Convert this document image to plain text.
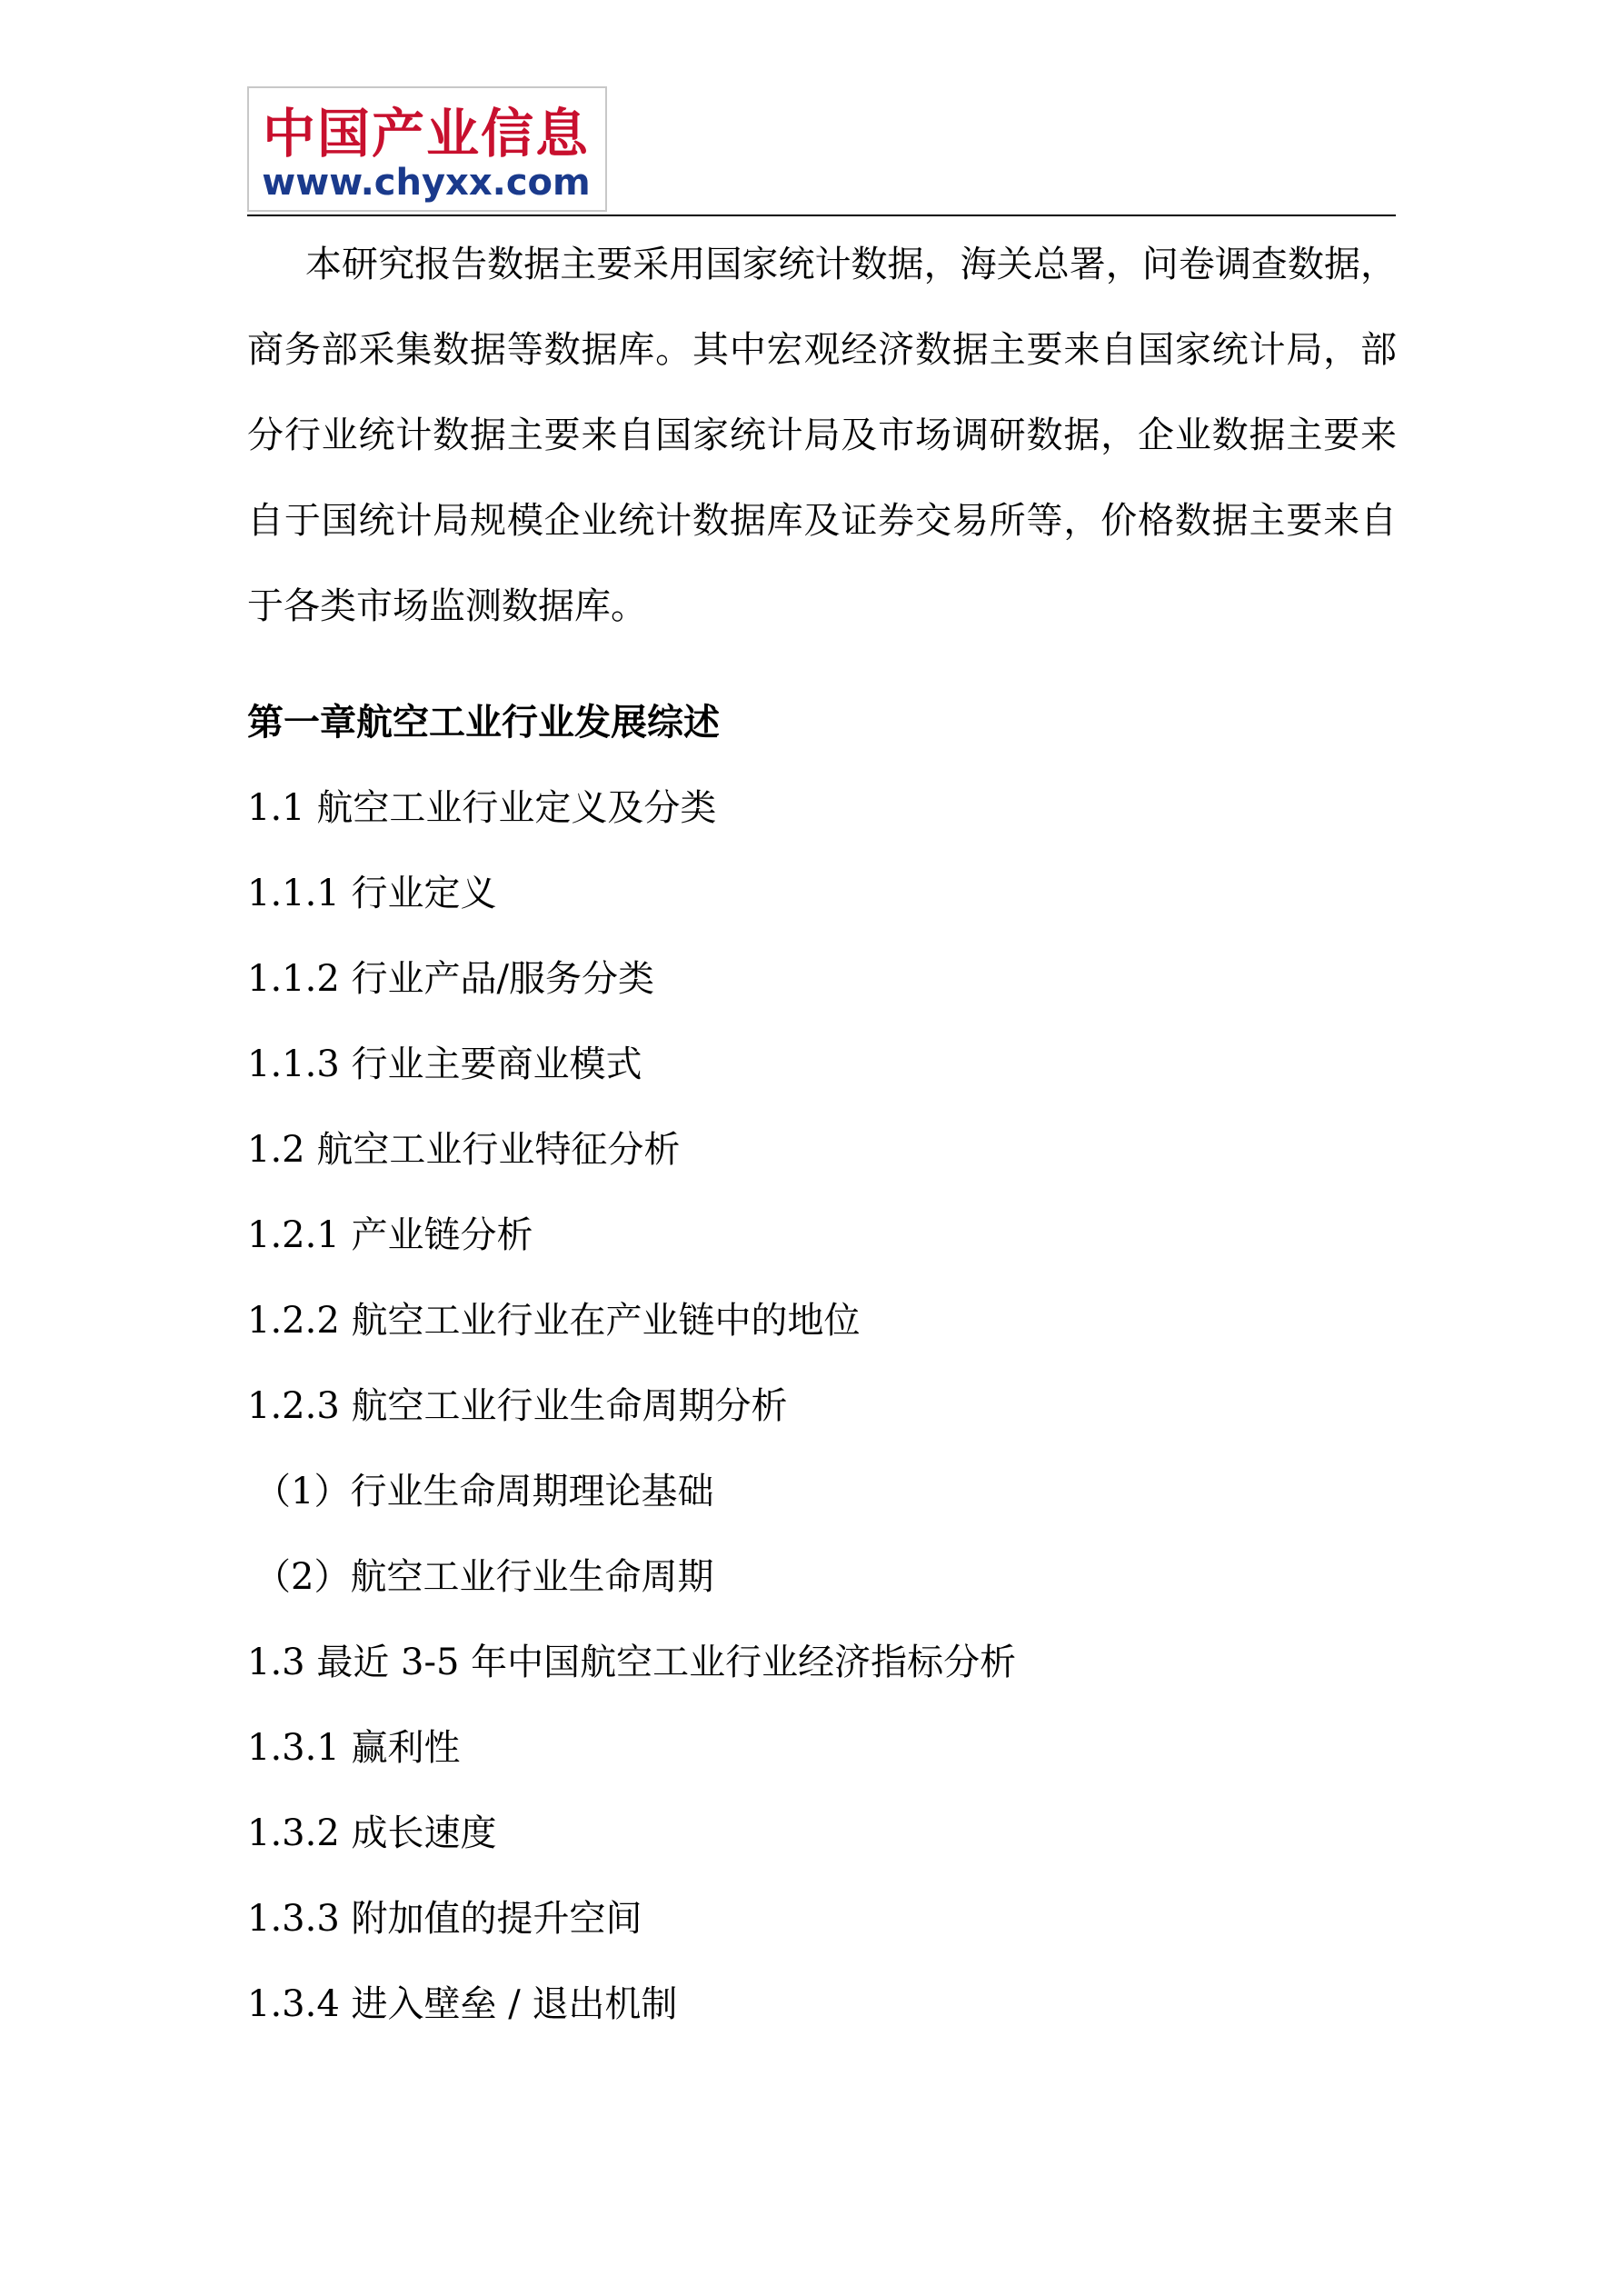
中国产业信息
www.chyxx.com

本研究报告数据主要采用国家统计数据，海关总署，问卷调查数据，商务部采集数据等数据库。其中宏观经济数据主要来自国家统计局，部分行业统计数据主要来自国家统计局及市场调研数据，企业数据主要来自于国统计局规模企业统计数据库及证券交易所等，价格数据主要来自于各类市场监测数据库。

第一章航空工业行业发展综述
1.1 航空工业行业定义及分类
1.1.1 行业定义
1.1.2 行业产品/服务分类
1.1.3 行业主要商业模式
1.2 航空工业行业特征分析
1.2.1 产业链分析
1.2.2 航空工业行业在产业链中的地位
1.2.3 航空工业行业生命周期分析
（1）行业生命周期理论基础
（2）航空工业行业生命周期
1.3 最近 3-5 年中国航空工业行业经济指标分析
1.3.1 赢利性
1.3.2 成长速度
1.3.3 附加值的提升空间
1.3.4 进入壁垒 / 退出机制
